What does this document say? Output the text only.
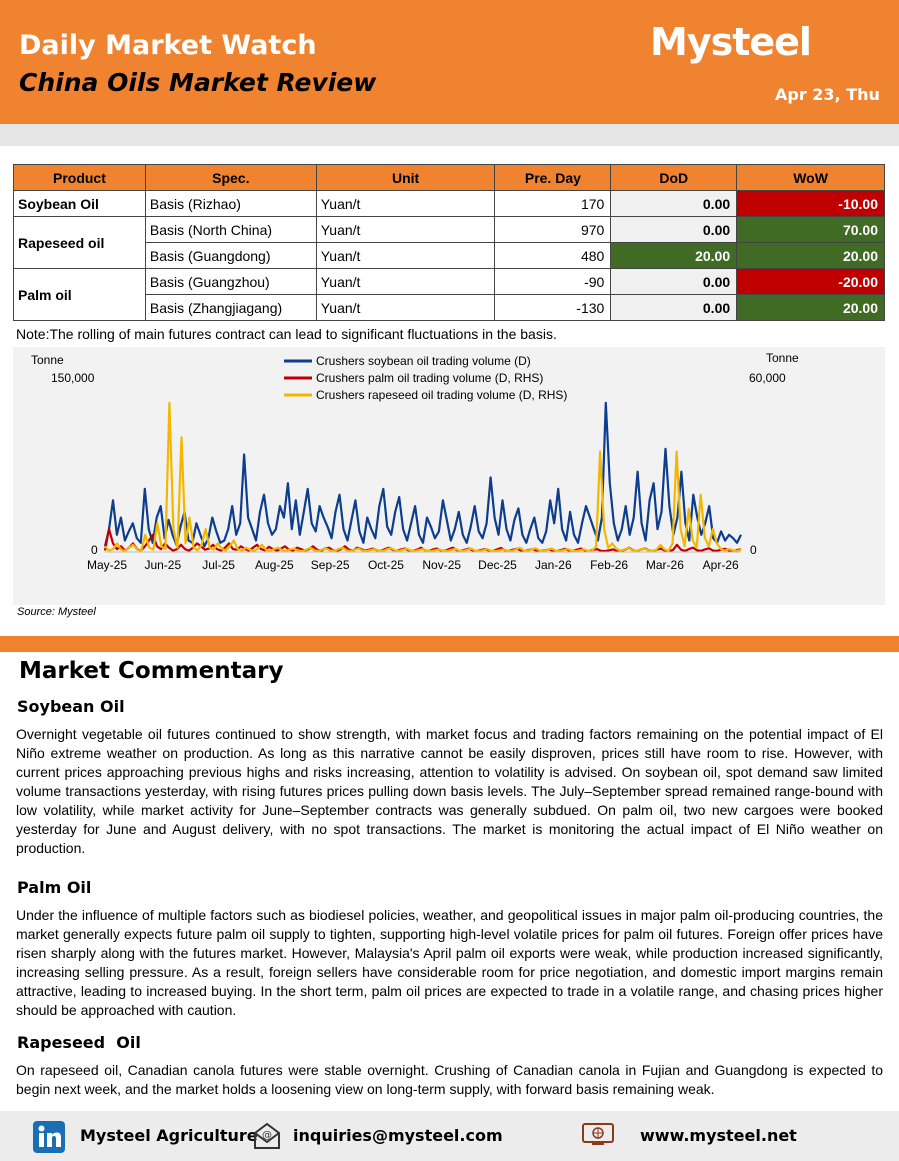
Daily Market Watch
China Oils Market Review
Mysteel
Apr 23, Thu
Product	Spec.	Unit	Pre. Day	DoD	WoW
Soybean Oil	Basis (Rizhao)	Yuan/t	170	0.00	-10.00
Rapeseed oil	Basis (North China)	Yuan/t	970	0.00	70.00
	Basis (Guangdong)	Yuan/t	480	20.00	20.00
Palm oil	Basis (Guangzhou)	Yuan/t	-90	0.00	-20.00
	Basis (Zhangjiagang)	Yuan/t	-130	0.00	20.00
Note:The rolling of main futures contract can lead to significant fluctuations in the basis.
Tonne
150,000
0
Tonne
60,000
0
Crushers soybean oil trading volume (D)
Crushers palm oil trading volume (D, RHS)
Crushers rapeseed oil trading volume (D, RHS)
May-25 Jun-25 Jul-25 Aug-25 Sep-25 Oct-25 Nov-25 Dec-25 Jan-26 Feb-26 Mar-26 Apr-26
Source: Mysteel
Market Commentary
Soybean Oil
Overnight vegetable oil futures continued to show strength, with market focus and trading factors remaining on the potential impact of El Niño extreme weather on production. As long as this narrative cannot be easily disproven, prices still have room to rise. However, with current prices approaching previous highs and risks increasing, attention to volatility is advised. On soybean oil, spot demand saw limited volume transactions yesterday, with rising futures prices pulling down basis levels. The July–September spread remained range-bound with low volatility, while market activity for June–September contracts was generally subdued. On palm oil, two new cargoes were booked yesterday for June and August delivery, with no spot transactions. The market is monitoring the actual impact of El Niño weather on production.
Palm Oil
Under the influence of multiple factors such as biodiesel policies, weather, and geopolitical issues in major palm oil-producing countries, the market generally expects future palm oil supply to tighten, supporting high-level volatile prices for palm oil futures. Foreign offer prices have risen sharply along with the futures market. However, Malaysia's April palm oil exports were weak, while production increased significantly, increasing selling pressure. As a result, foreign sellers have considerable room for price negotiation, and domestic import margins remain attractive, leading to increased buying. In the short term, palm oil prices are expected to trade in a volatile range, and chasing prices higher should be approached with caution.
Rapeseed  Oil
On rapeseed oil, Canadian canola futures were stable overnight. Crushing of Canadian canola in Fujian and Guangdong is expected to begin next week, and the market holds a loosening view on long-term supply, with forward basis remaining weak.
Mysteel Agriculture @ inquiries@mysteel.com	www.mysteel.net
